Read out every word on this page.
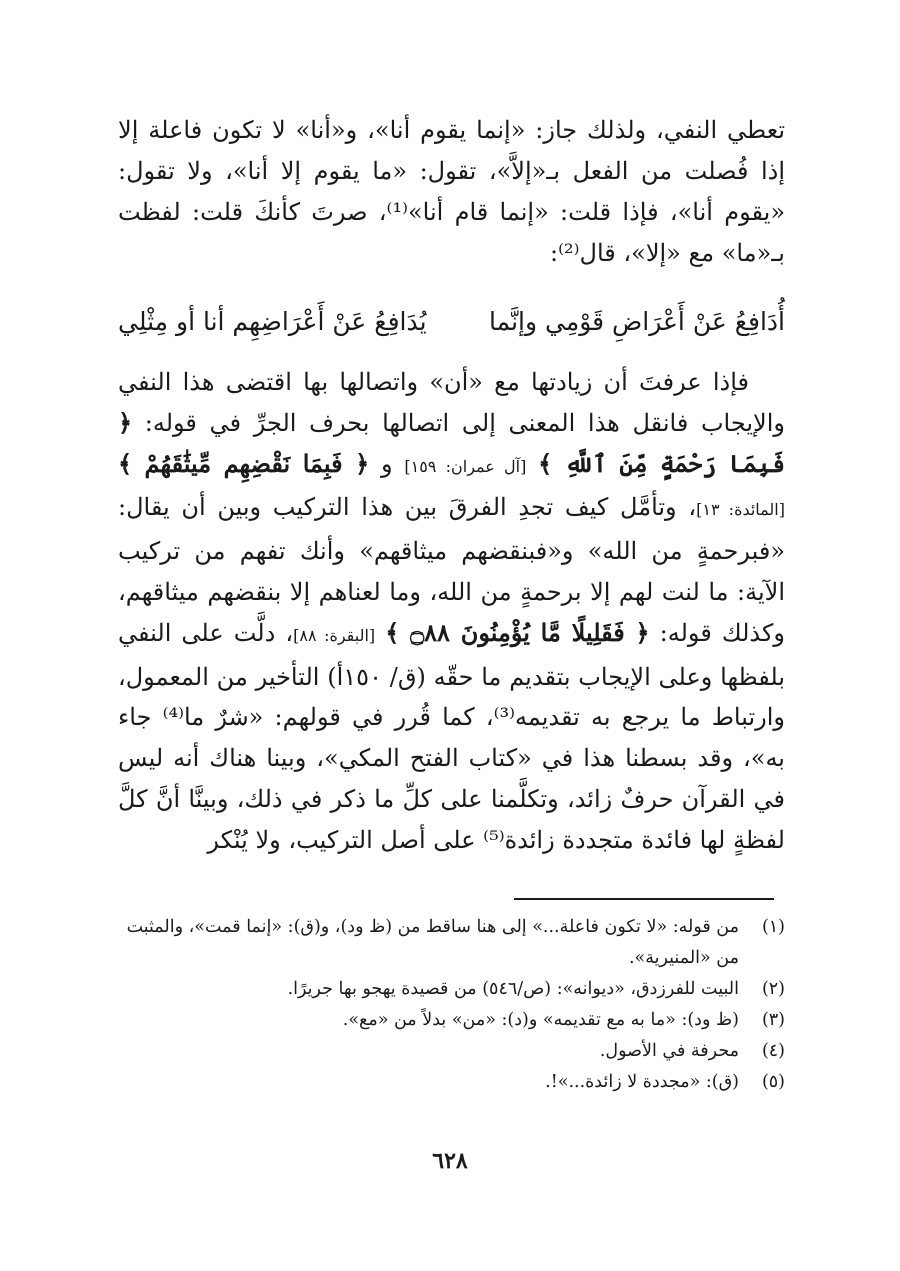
تعطي النفي، ولذلك جاز: «إنما يقوم أنا»، و«أنا» لا تكون فاعلة إلا إذا فُصلت من الفعل بـ«إلاَّ»، تقول: «ما يقوم إلا أنا»، ولا تقول: «يقوم أنا»، فإذا قلت: «إنما قام أنا»⁽¹⁾، صرتَ كأنكَ قلت: لفظت بـ«ما» مع «إلا»، قال⁽²⁾:
أُدَافِعُ عَنْ أَعْرَاضِ قَوْمِي وإنَّما
يُدَافِعُ عَنْ أَعْرَاضِهِم أنا أو مِثْلِي
فإذا عرفتَ أن زيادتها مع «أن» واتصالها بها اقتضى هذا النفي والإيجاب فانقل هذا المعنى إلى اتصالها بحرف الجرِّ في قوله: ﴿ فَبِمَا رَحْمَةٍ مِّنَ ٱللَّهِ ﴾ [آل عمران: ١٥٩] و ﴿ فَبِمَا نَقْضِهِم مِّيثَٰقَهُمْ ﴾ [المائدة: ١٣]، وتأمَّل كيف تجدِ الفرقَ بين هذا التركيب وبين أن يقال: «فبرحمةٍ من الله» و«فبنقضهم ميثاقهم» وأنك تفهم من تركيب الآية: ما لنت لهم إلا برحمةٍ من الله، وما لعناهم إلا بنقضهم ميثاقهم، وكذلك قوله: ﴿ فَقَلِيلًا مَّا يُؤْمِنُونَ ۝٨٨ ﴾ [البقرة: ٨٨]، دلَّت على النفي بلفظها وعلى الإيجاب بتقديم ما حقّه (ق/ ١٥٠أ) التأخير من المعمول، وارتباط ما يرجع به تقديمه⁽³⁾، كما قُرر في قولهم: «شرٌ ما⁽⁴⁾ جاء به»، وقد بسطنا هذا في «كتاب الفتح المكي»، وبينا هناك أنه ليس في القرآن حرفٌ زائد، وتكلَّمنا على كلِّ ما ذكر في ذلك، وبينَّا أنَّ كلَّ لفظةٍ لها فائدة متجددة زائدة⁽⁵⁾ على أصل التركيب، ولا يُنْكر
(١)
من قوله: «لا تكون فاعلة...» إلى هنا ساقط من (ظ ود)، و(ق): «إنما قمت»، والمثبت من «المنيرية».
(٢)
البيت للفرزدق، «ديوانه»: (ص/٥٤٦) من قصيدة يهجو بها جريرًا.
(٣)
(ظ ود): «ما به مع تقديمه» و(د): «من» بدلاً من «مع».
(٤)
محرفة في الأصول.
(٥)
(ق): «مجددة لا زائدة...»!.
٦٢٨
